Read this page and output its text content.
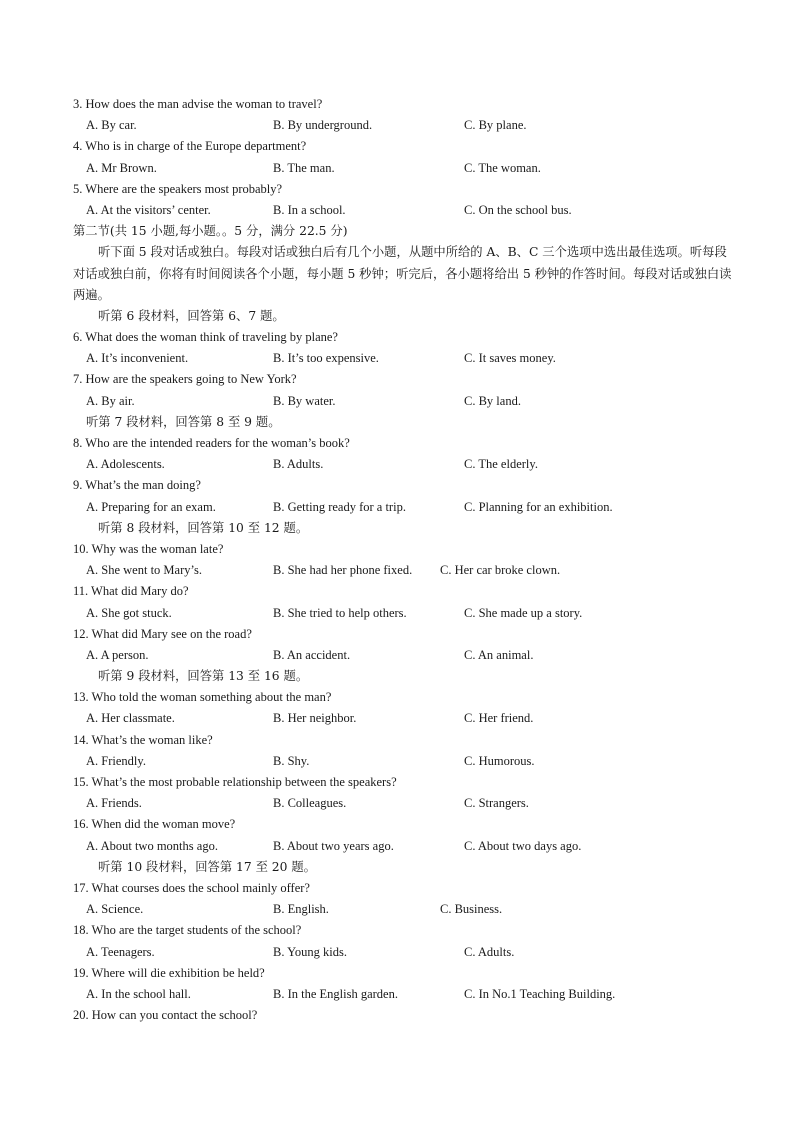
3. How does the man advise the woman to travel?
A. By car.	B. By underground.	C. By plane.
4. Who is in charge of the Europe department?
A. Mr Brown.	B. The man.	C. The woman.
5. Where are the speakers most probably?
A. At the visitors’ center.	B. In a school.	C. On the school bus.
第二节(共 15 小题,每小题。。5 分，满分 22.5 分)
听下面 5 段对话或独白。每段对话或独白后有几个小题，从题中所给的 A、B、C 三个选项中选出最佳选项。听每段对话或独白前，你将有时间阅读各个小题，每小题 5 秒钟；听完后，各小题将给出 5 秒钟的作答时间。每段对话或独白读两遍。
听第 6 段材料，回答第 6、7 题。
6. What does the woman think of traveling by plane?
A. It’s inconvenient.	B. It’s too expensive.	C. It saves money.
7. How are the speakers going to New York?
A. By air.	B. By water.	C. By land.
听第 7 段材料，回答第 8 至 9 题。
8. Who are the intended readers for the woman’s book?
A. Adolescents.	B. Adults.	C. The elderly.
9. What’s the man doing?
A. Preparing for an exam.	B. Getting ready for a trip.	C. Planning for an exhibition.
听第 8 段材料，回答第 10 至 12 题。
10. Why was the woman late?
A. She went to Mary’s.	B. She had her phone fixed. C. Her car broke clown.
11. What did Mary do?
A. She got stuck.	B. She tried to help others.	C. She made up a story.
12. What did Mary see on the road?
A. A person.	B. An accident.	C. An animal.
听第 9 段材料，回答第 13 至 16 题。
13. Who told the woman something about the man?
A. Her classmate.	B. Her neighbor.	C. Her friend.
14. What’s the woman like?
A. Friendly.	B. Shy.	C. Humorous.
15. What’s the most probable relationship between the speakers?
A. Friends.	B. Colleagues.	C. Strangers.
16. When did the woman move?
A. About two months ago.	B. About two years ago.	C. About two days ago.
听第 10 段材料，回答第 17 至 20 题。
17. What courses does the school mainly offer?
A. Science.	B. English.	C. Business.
18. Who are the target students of the school?
A. Teenagers.	B. Young kids.	C. Adults.
19. Where will die exhibition be held?
A. In the school hall.	B. In the English garden.	C. In No.1 Teaching Building.
20. How can you contact the school?
